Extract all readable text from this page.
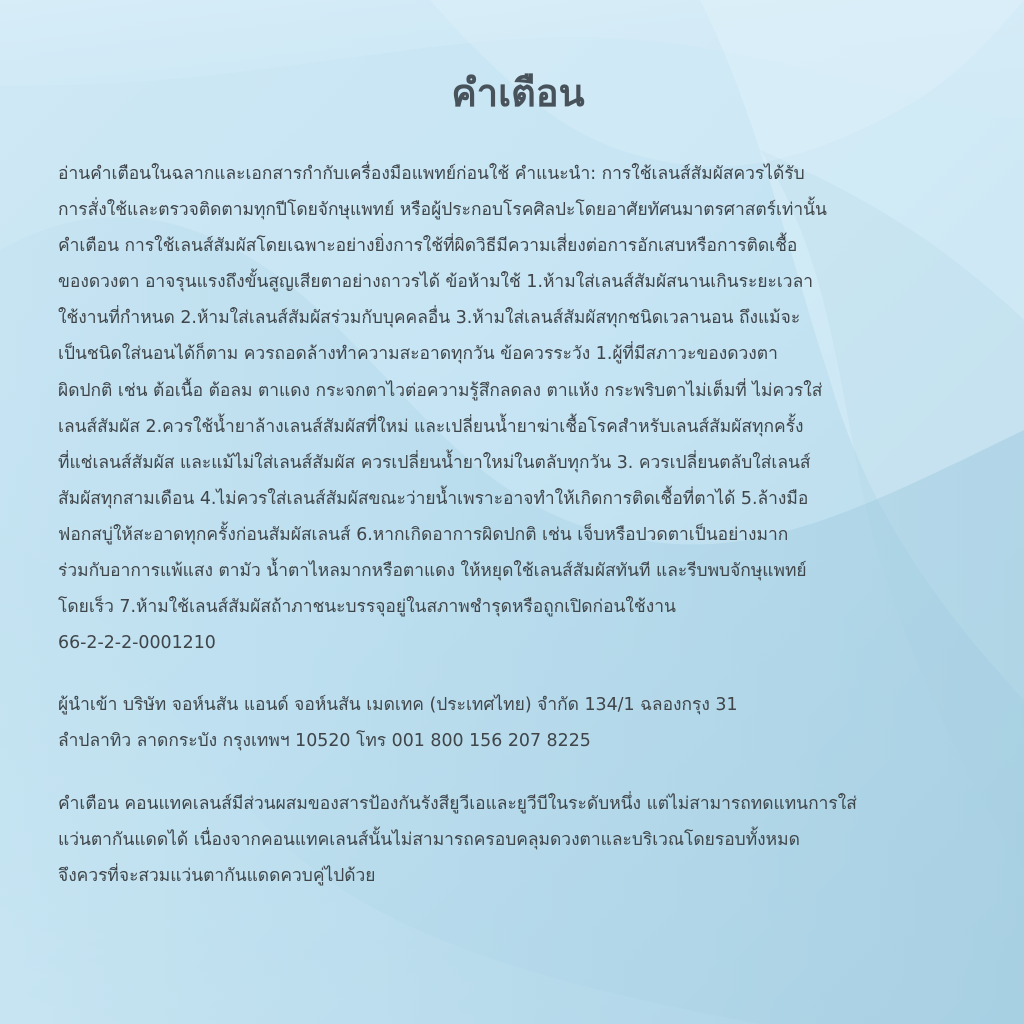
คำเตือน

อ่านคำเตือนในฉลากและเอกสารกำกับเครื่องมือแพทย์ก่อนใช้ คำแนะนำ: การใช้เลนส์สัมผัสควรได้รับ
การสั่งใช้และตรวจติดตามทุกปีโดยจักษุแพทย์ หรือผู้ประกอบโรคศิลปะโดยอาศัยทัศนมาตรศาสตร์เท่านั้น
คำเตือน การใช้เลนส์สัมผัสโดยเฉพาะอย่างยิ่งการใช้ที่ผิดวิธีมีความเสี่ยงต่อการอักเสบหรือการติดเชื้อ
ของดวงตา อาจรุนแรงถึงขั้นสูญเสียตาอย่างถาวรได้ ข้อห้ามใช้ 1.ห้ามใส่เลนส์สัมผัสนานเกินระยะเวลา
ใช้งานที่กำหนด 2.ห้ามใส่เลนส์สัมผัสร่วมกับบุคคลอื่น 3.ห้ามใส่เลนส์สัมผัสทุกชนิดเวลานอน ถึงแม้จะ
เป็นชนิดใส่นอนได้ก็ตาม ควรถอดล้างทำความสะอาดทุกวัน ข้อควรระวัง 1.ผู้ที่มีสภาวะของดวงตา
ผิดปกติ เช่น ต้อเนื้อ ต้อลม ตาแดง กระจกตาไวต่อความรู้สึกลดลง ตาแห้ง กระพริบตาไม่เต็มที่ ไม่ควรใส่
เลนส์สัมผัส 2.ควรใช้น้ำยาล้างเลนส์สัมผัสที่ใหม่ และเปลี่ยนน้ำยาฆ่าเชื้อโรคสำหรับเลนส์สัมผัสทุกครั้ง
ที่แช่เลนส์สัมผัส และแม้ไม่ใส่เลนส์สัมผัส ควรเปลี่ยนน้ำยาใหม่ในตลับทุกวัน 3. ควรเปลี่ยนตลับใส่เลนส์
สัมผัสทุกสามเดือน 4.ไม่ควรใส่เลนส์สัมผัสขณะว่ายน้ำเพราะอาจทำให้เกิดการติดเชื้อที่ตาได้ 5.ล้างมือ
ฟอกสบู่ให้สะอาดทุกครั้งก่อนสัมผัสเลนส์ 6.หากเกิดอาการผิดปกติ เช่น เจ็บหรือปวดตาเป็นอย่างมาก
ร่วมกับอาการแพ้แสง ตามัว น้ำตาไหลมากหรือตาแดง ให้หยุดใช้เลนส์สัมผัสทันที และรีบพบจักษุแพทย์
โดยเร็ว 7.ห้ามใช้เลนส์สัมผัสถ้าภาชนะบรรจุอยู่ในสภาพชำรุดหรือถูกเปิดก่อนใช้งาน
66-2-2-2-0001210

ผู้นำเข้า บริษัท จอห์นสัน แอนด์ จอห์นสัน เมดเทค (ประเทศไทย) จำกัด 134/1 ฉลองกรุง 31
ลำปลาทิว ลาดกระบัง กรุงเทพฯ 10520 โทร 001 800 156 207 8225

คำเตือน คอนแทคเลนส์มีส่วนผสมของสารป้องกันรังสียูวีเอและยูวีบีในระดับหนึ่ง แต่ไม่สามารถทดแทนการใส่
แว่นตากันแดดได้ เนื่องจากคอนแทคเลนส์นั้นไม่สามารถครอบคลุมดวงตาและบริเวณโดยรอบทั้งหมด
จึงควรที่จะสวมแว่นตากันแดดควบคู่ไปด้วย
